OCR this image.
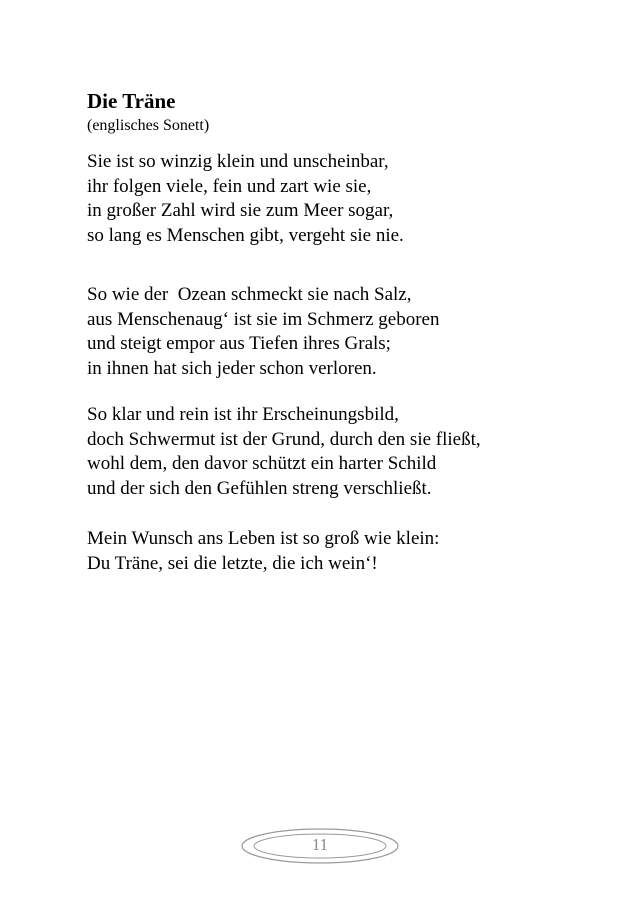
Die Träne
(englisches Sonett)
Sie ist so winzig klein und unscheinbar,
ihr folgen viele, fein und zart wie sie,
in großer Zahl wird sie zum Meer sogar,
so lang es Menschen gibt, vergeht sie nie.
So wie der  Ozean schmeckt sie nach Salz,
aus Menschenaug‘ ist sie im Schmerz geboren
und steigt empor aus Tiefen ihres Grals;
in ihnen hat sich jeder schon verloren.
So klar und rein ist ihr Erscheinungsbild,
doch Schwermut ist der Grund, durch den sie fließt,
wohl dem, den davor schützt ein harter Schild
und der sich den Gefühlen streng verschließt.
Mein Wunsch ans Leben ist so groß wie klein:
Du Träne, sei die letzte, die ich wein‘!
11
